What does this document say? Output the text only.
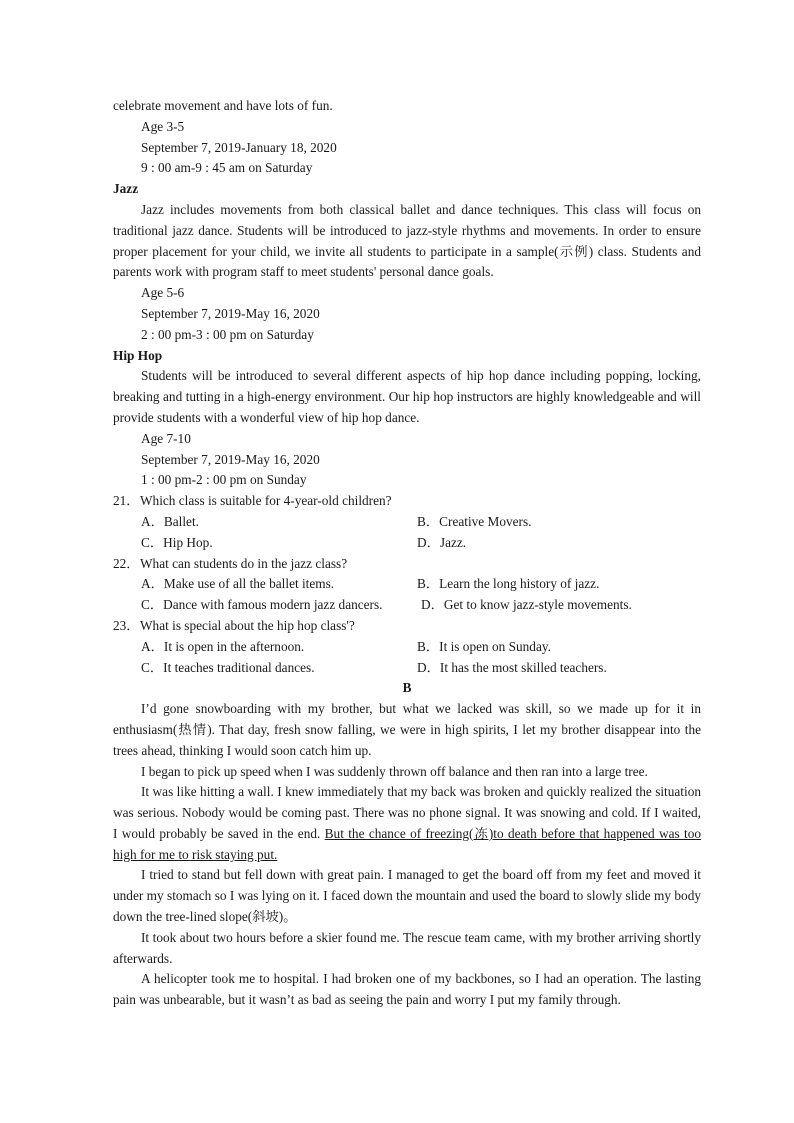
celebrate movement and have lots of fun.
Age 3-5
September 7, 2019-January 18, 2020
9 : 00 am-9 : 45 am on Saturday
Jazz
Jazz includes movements from both classical ballet and dance techniques. This class will focus on traditional jazz dance. Students will be introduced to jazz-style rhythms and movements. In order to ensure proper placement for your child, we invite all students to participate in a sample(示例) class. Students and parents work with program staff to meet students' personal dance goals.
Age 5-6
September 7, 2019-May 16, 2020
2 : 00 pm-3 : 00 pm on Saturday
Hip Hop
Students will be introduced to several different aspects of hip hop dance including popping, locking, breaking and tutting in a high-energy environment. Our hip hop instructors are highly knowledgeable and will provide students with a wonderful view of hip hop dance.
Age 7-10
September 7, 2019-May 16, 2020
1 : 00 pm-2 : 00 pm on Sunday
21． Which class is suitable for 4-year-old children?
A．Ballet.	B．Creative Movers.
C．Hip Hop.	D．Jazz.
22． What can students do in the jazz class?
A．Make use of all the ballet items.	B．Learn the long history of jazz.
C．Dance with famous modern jazz dancers.	D．Get to know jazz-style movements.
23． What is special about the hip hop class'?
A．It is open in the afternoon.	B．It is open on Sunday.
C．It teaches traditional dances.	D．It has the most skilled teachers.
B
I’d gone snowboarding with my brother, but what we lacked was skill, so we made up for it in enthusiasm(热情). That day, fresh snow falling, we were in high spirits, I let my brother disappear into the trees ahead, thinking I would soon catch him up.
I began to pick up speed when I was suddenly thrown off balance and then ran into a large tree.
It was like hitting a wall. I knew immediately that my back was broken and quickly realized the situation was serious. Nobody would be coming past. There was no phone signal. It was snowing and cold. If I waited, I would probably be saved in the end. But the chance of freezing(冻)to death before that happened was too high for me to risk staying put.
I tried to stand but fell down with great pain. I managed to get the board off from my feet and moved it under my stomach so I was lying on it. I faced down the mountain and used the board to slowly slide my body down the tree-lined slope(斜坡)。
It took about two hours before a skier found me. The rescue team came, with my brother arriving shortly afterwards.
A helicopter took me to hospital. I had broken one of my backbones, so I had an operation. The lasting pain was unbearable, but it wasn’t as bad as seeing the pain and worry I put my family through.
